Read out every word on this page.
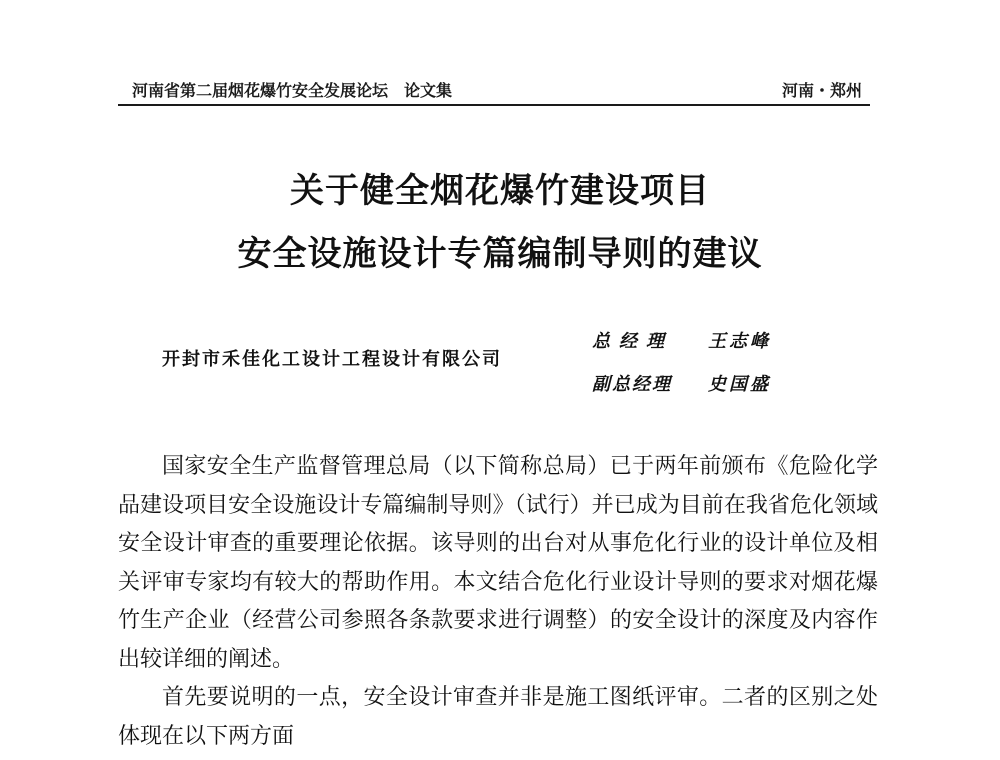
河南省第二届烟花爆竹安全发展论坛 论文集	河南・郑州
关于健全烟花爆竹建设项目
安全设施设计专篇编制导则的建议
开封市禾佳化工设计工程设计有限公司
总经理 王志峰
副总经理 史国盛

国家安全生产监督管理总局（以下简称总局）已于两年前颁布《危险化学品建设项目安全设施设计专篇编制导则》（试行）并已成为目前在我省危化领域安全设计审查的重要理论依据。该导则的出台对从事危化行业的设计单位及相关评审专家均有较大的帮助作用。本文结合危化行业设计导则的要求对烟花爆竹生产企业（经营公司参照各条款要求进行调整）的安全设计的深度及内容作出较详细的阐述。

首先要说明的一点，安全设计审查并非是施工图纸评审。二者的区别之处体现在以下两方面
